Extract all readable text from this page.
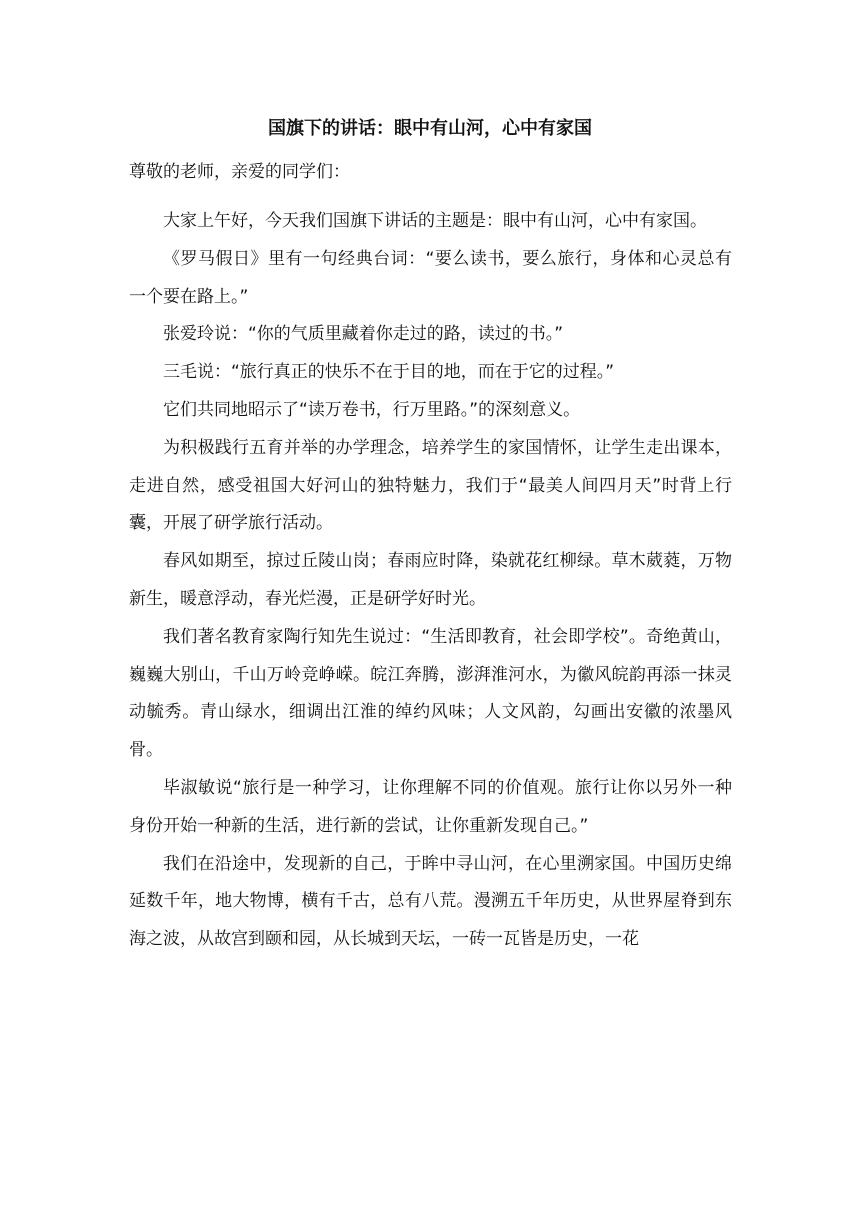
国旗下的讲话：眼中有山河，心中有家国
尊敬的老师，亲爱的同学们：

大家上午好，今天我们国旗下讲话的主题是：眼中有山河，心中有家国。

《罗马假日》里有一句经典台词：“要么读书，要么旅行，身体和心灵总有一个要在路上。”

张爱玲说：“你的气质里藏着你走过的路，读过的书。”

三毛说：“旅行真正的快乐不在于目的地，而在于它的过程。”

它们共同地昭示了“读万卷书，行万里路。”的深刻意义。

为积极践行五育并举的办学理念，培养学生的家国情怀，让学生走出课本，走进自然，感受祖国大好河山的独特魅力，我们于“最美人间四月天”时背上行囊，开展了研学旅行活动。

春风如期至，掠过丘陵山岗；春雨应时降，染就花红柳绿。草木葳蕤，万物新生，暖意浮动，春光烂漫，正是研学好时光。

我们著名教育家陶行知先生说过：“生活即教育，社会即学校”。奇绝黄山，巍巍大别山，千山万岭竞峥嵘。皖江奔腾，澎湃淮河水，为徽风皖韵再添一抹灵动毓秀。青山绿水，细调出江淮的绰约风味；人文风韵，勾画出安徽的浓墨风骨。

毕淑敏说“旅行是一种学习，让你理解不同的价值观。旅行让你以另外一种身份开始一种新的生活，进行新的尝试，让你重新发现自己。”

我们在沿途中，发现新的自己，于眸中寻山河，在心里溯家国。中国历史绵延数千年，地大物博，横有千古，总有八荒。漫溯五千年历史，从世界屋脊到东海之波，从故宫到颐和园，从长城到天坛，一砖一瓦皆是历史，一花
